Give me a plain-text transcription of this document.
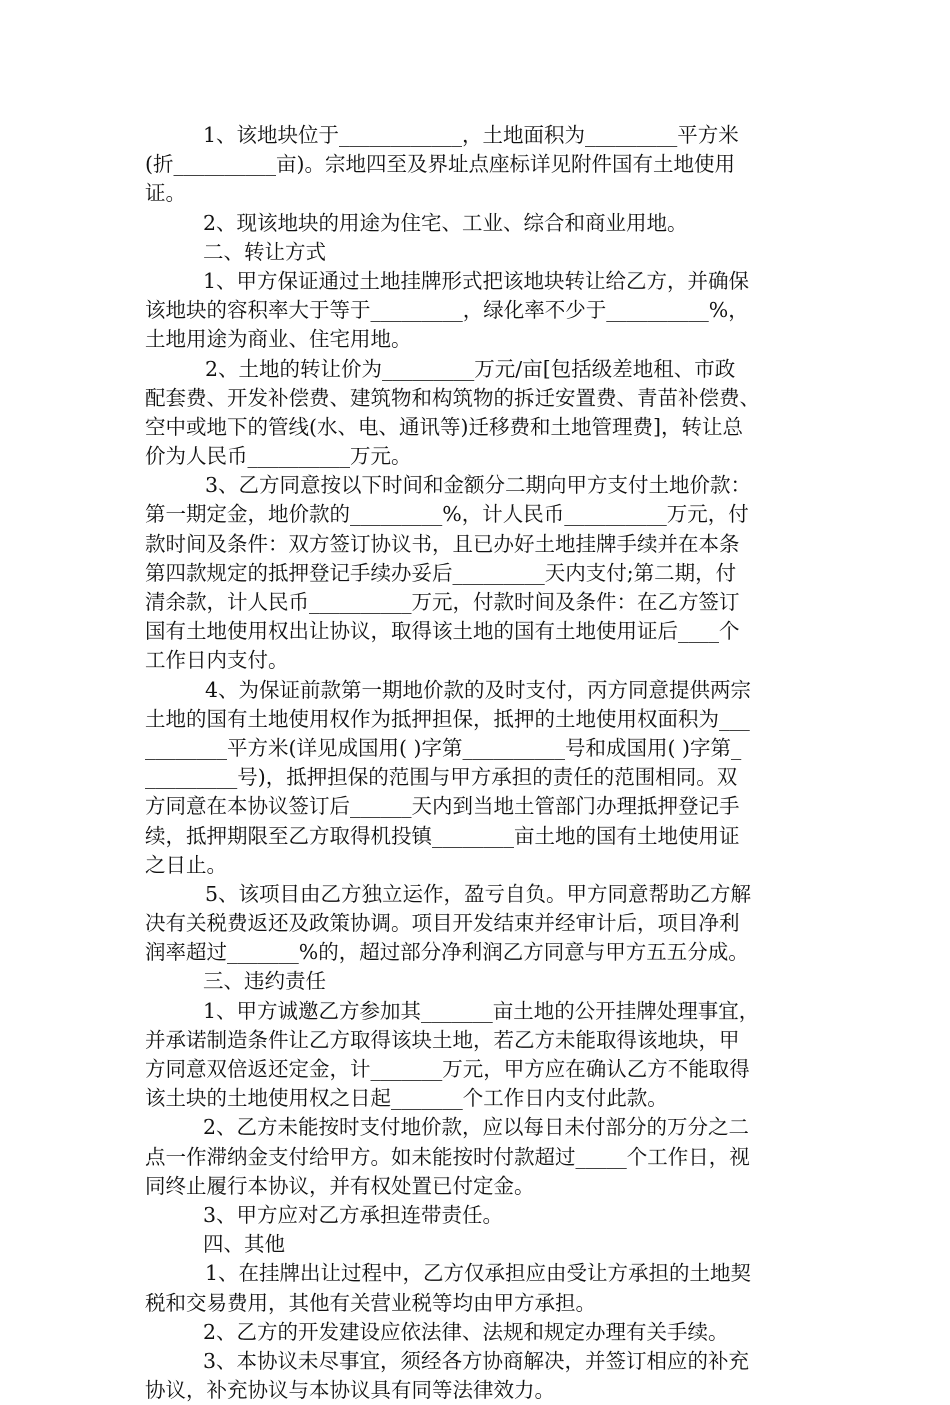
1、该地块位于____________，土地面积为_________平方米
(折__________亩)。宗地四至及界址点座标详见附件国有土地使用
证。
2、现该地块的用途为住宅、工业、综合和商业用地。
二、转让方式
1、甲方保证通过土地挂牌形式把该地块转让给乙方，并确保
该地块的容积率大于等于_________，绿化率不少于__________%，
土地用途为商业、住宅用地。
2、土地的转让价为_________万元/亩[包括级差地租、市政
配套费、开发补偿费、建筑物和构筑物的拆迁安置费、青苗补偿费、
空中或地下的管线(水、电、通讯等)迁移费和土地管理费]，转让总
价为人民币__________万元。
3、乙方同意按以下时间和金额分二期向甲方支付土地价款：
第一期定金，地价款的_________%，计人民币__________万元，付
款时间及条件：双方签订协议书，且已办好土地挂牌手续并在本条
第四款规定的抵押登记手续办妥后_________天内支付;第二期，付
清余款，计人民币__________万元，付款时间及条件：在乙方签订
国有土地使用权出让协议，取得该土地的国有土地使用证后____个
工作日内支付。
4、为保证前款第一期地价款的及时支付，丙方同意提供两宗
土地的国有土地使用权作为抵押担保，抵押的土地使用权面积为___
________平方米(详见成国用( )字第__________号和成国用( )字第_
_________号)，抵押担保的范围与甲方承担的责任的范围相同。双
方同意在本协议签订后______天内到当地土管部门办理抵押登记手
续，抵押期限至乙方取得机投镇________亩土地的国有土地使用证
之日止。
5、该项目由乙方独立运作，盈亏自负。甲方同意帮助乙方解
决有关税费返还及政策协调。项目开发结束并经审计后，项目净利
润率超过_______%的，超过部分净利润乙方同意与甲方五五分成。
三、违约责任
1、甲方诚邀乙方参加其_______亩土地的公开挂牌处理事宜，
并承诺制造条件让乙方取得该块土地，若乙方未能取得该地块，甲
方同意双倍返还定金，计_______万元，甲方应在确认乙方不能取得
该土块的土地使用权之日起_______个工作日内支付此款。
2、乙方未能按时支付地价款，应以每日未付部分的万分之二
点一作滞纳金支付给甲方。如未能按时付款超过_____个工作日，视
同终止履行本协议，并有权处置已付定金。
3、甲方应对乙方承担连带责任。
四、其他
1、在挂牌出让过程中，乙方仅承担应由受让方承担的土地契
税和交易费用，其他有关营业税等均由甲方承担。
2、乙方的开发建设应依法律、法规和规定办理有关手续。
3、本协议未尽事宜，须经各方协商解决，并签订相应的补充
协议，补充协议与本协议具有同等法律效力。
